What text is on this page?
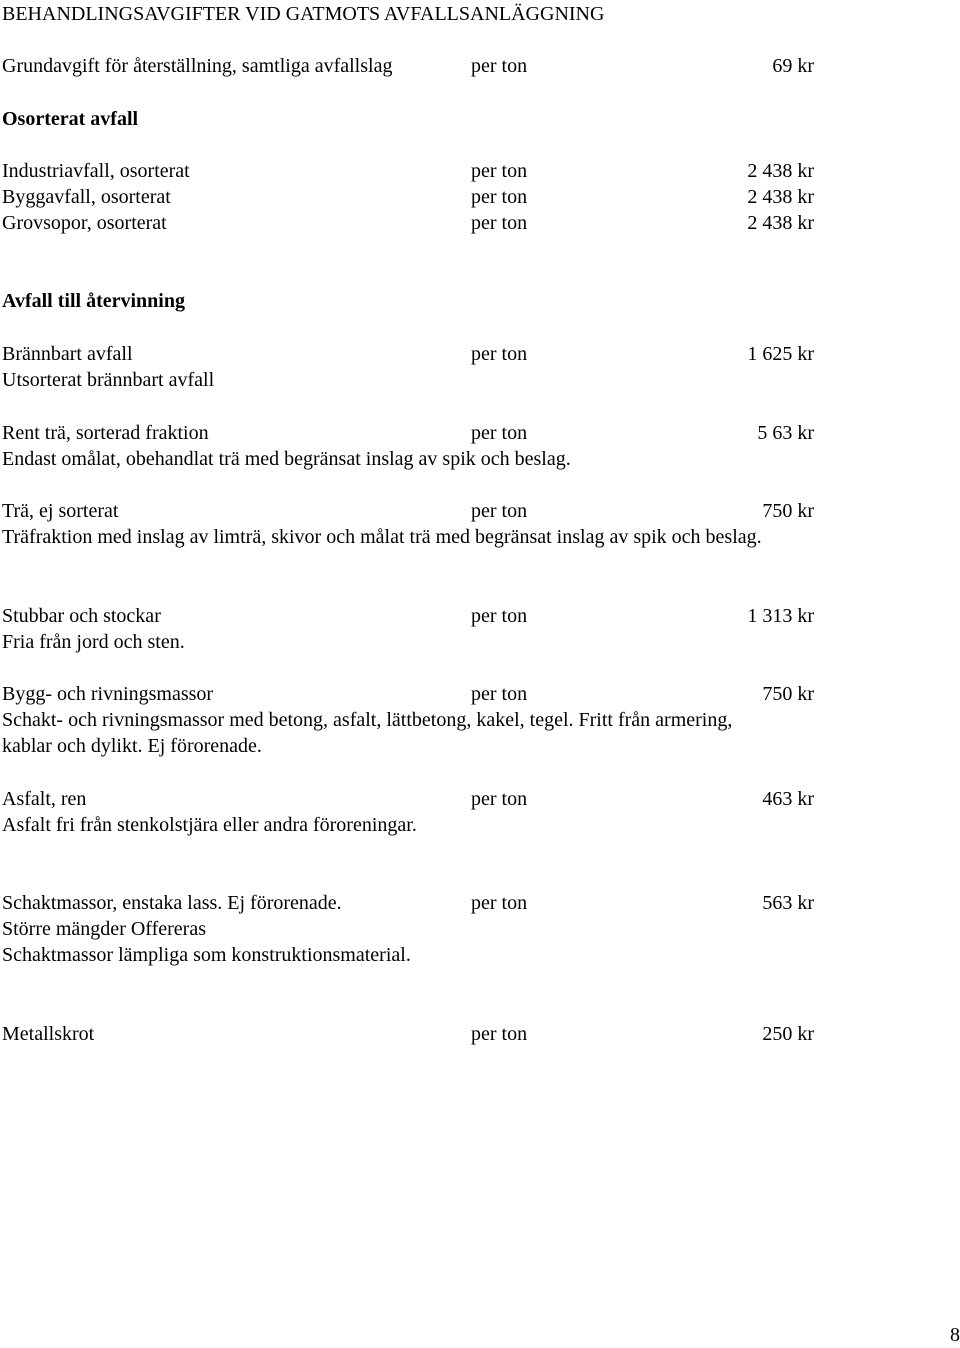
BEHANDLINGSAVGIFTER VID GATMOTS AVFALLSANLÄGGNING
Grundavgift för återställning, samtliga avfallslag	per ton	69 kr
Osorterat avfall
Industriavfall, osorterat	per ton	2 438 kr
Byggavfall, osorterat	per ton	2 438 kr
Grovsopor, osorterat	per ton	2 438 kr
Avfall till återvinning
Brännbart avfall	per ton	1 625 kr
Utsorterat brännbart avfall
Rent trä, sorterad fraktion	per ton	5 63 kr
Endast omålat, obehandlat trä med begränsat inslag av spik och beslag.
Trä, ej sorterat	per ton	750 kr
Träfraktion med inslag av limträ, skivor och målat trä med begränsat inslag av spik och beslag.
Stubbar och stockar	per ton	1 313 kr
Fria från jord och sten.
Bygg- och rivningsmassor	per ton	750 kr
Schakt- och rivningsmassor med betong, asfalt, lättbetong, kakel, tegel. Fritt från armering,
kablar och dylikt. Ej förorenade.
Asfalt, ren	per ton	463 kr
Asfalt fri från stenkolstjära eller andra föroreningar.
Schaktmassor, enstaka lass. Ej förorenade.	per ton	563 kr
Större mängder Offereras
Schaktmassor lämpliga som konstruktionsmaterial.
Metallskrot	per ton	250 kr
8
